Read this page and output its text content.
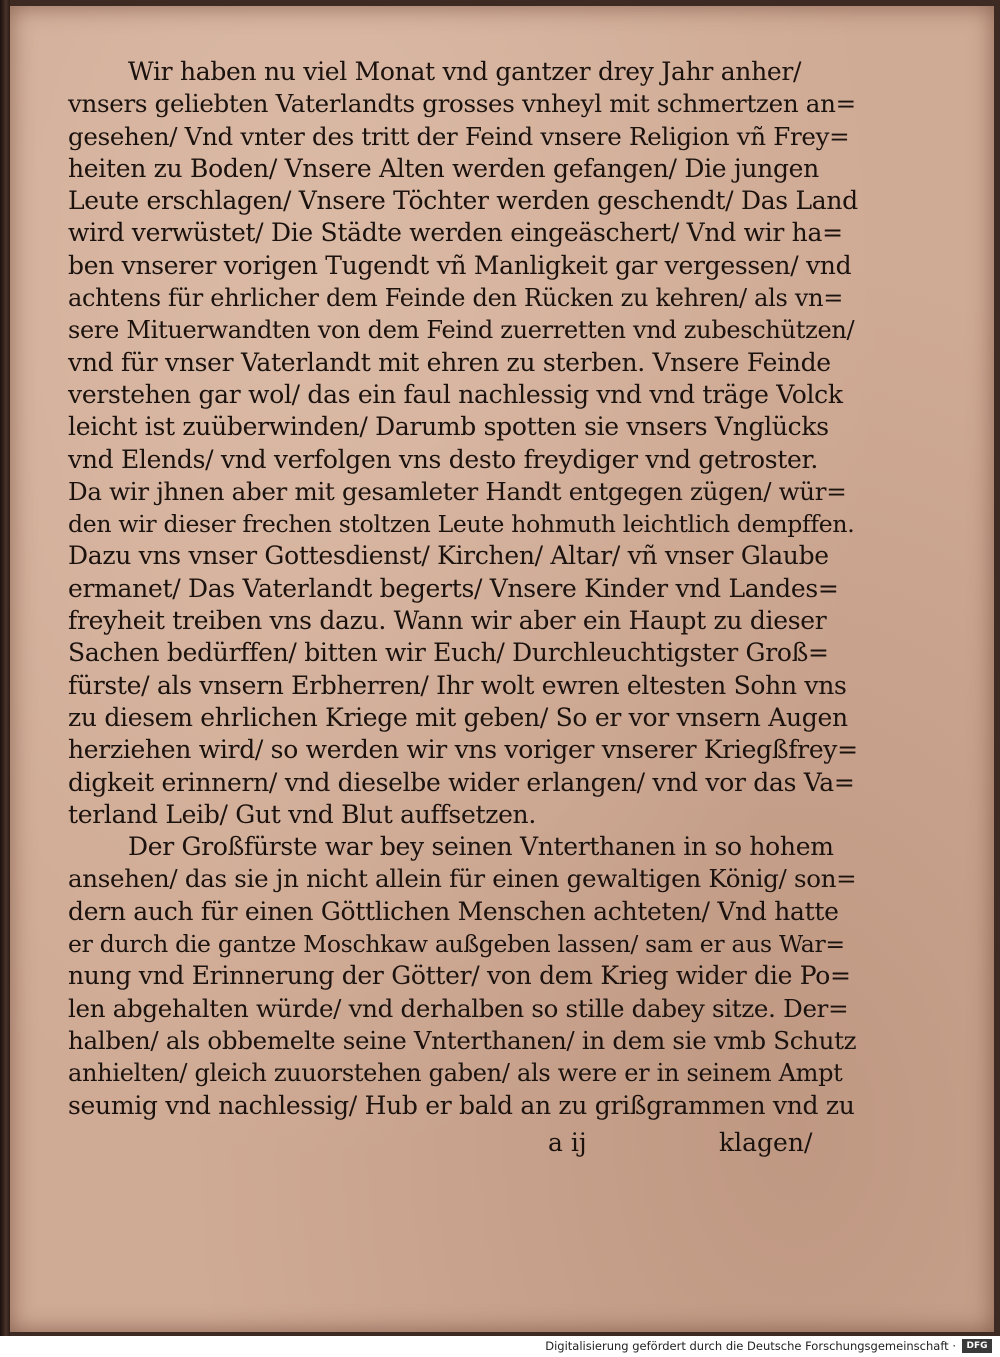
Wir haben nu viel Monat vnd gantzer drey Jahr anher/
vnsers geliebten Vaterlandts grosses vnheyl mit schmertzen an=
gesehen/ Vnd vnter des tritt der Feind vnsere Religion vñ Frey=
heiten zu Boden/ Vnsere Alten werden gefangen/ Die jungen
Leute erschlagen/ Vnsere Töchter werden geschendt/ Das Land
wird verwüstet/ Die Städte werden eingeäschert/ Vnd wir ha=
ben vnserer vorigen Tugendt vñ Manligkeit gar vergessen/ vnd
achtens für ehrlicher dem Feinde den Rücken zu kehren/ als vn=
sere Mituerwandten von dem Feind zuerretten vnd zubeschützen/
vnd für vnser Vaterlandt mit ehren zu sterben. Vnsere Feinde
verstehen gar wol/ das ein faul nachlessig vnd vnd träge Volck
leicht ist zuüberwinden/ Darumb spotten sie vnsers Vnglücks
vnd Elends/ vnd verfolgen vns desto freydiger vnd getroster.
Da wir jhnen aber mit gesamleter Handt entgegen zügen/ wür=
den wir dieser frechen stoltzen Leute hohmuth leichtlich dempffen.
Dazu vns vnser Gottesdienst/ Kirchen/ Altar/ vñ vnser Glaube
ermanet/ Das Vaterlandt begerts/ Vnsere Kinder vnd Landes=
freyheit treiben vns dazu. Wann wir aber ein Haupt zu dieser
Sachen bedürffen/ bitten wir Euch/ Durchleuchtigster Groß=
fürste/ als vnsern Erbherren/ Ihr wolt ewren eltesten Sohn vns
zu diesem ehrlichen Kriege mit geben/ So er vor vnsern Augen
herziehen wird/ so werden wir vns voriger vnserer Kriegßfrey=
digkeit erinnern/ vnd dieselbe wider erlangen/ vnd vor das Va=
terland Leib/ Gut vnd Blut auffsetzen.
Der Großfürste war bey seinen Vnterthanen in so hohem
ansehen/ das sie jn nicht allein für einen gewaltigen König/ son=
dern auch für einen Göttlichen Menschen achteten/ Vnd hatte
er durch die gantze Moschkaw außgeben lassen/ sam er aus War=
nung vnd Erinnerung der Götter/ von dem Krieg wider die Po=
len abgehalten würde/ vnd derhalben so stille dabey sitze. Der=
halben/ als obbemelte seine Vnterthanen/ in dem sie vmb Schutz
anhielten/ gleich zuuorstehen gaben/ als were er in seinem Ampt
seumig vnd nachlessig/ Hub er bald an zu grißgrammen vnd zu
a ij	klagen/
Digitalisierung gefördert durch die Deutsche Forschungsgemeinschaft ·	DFG
